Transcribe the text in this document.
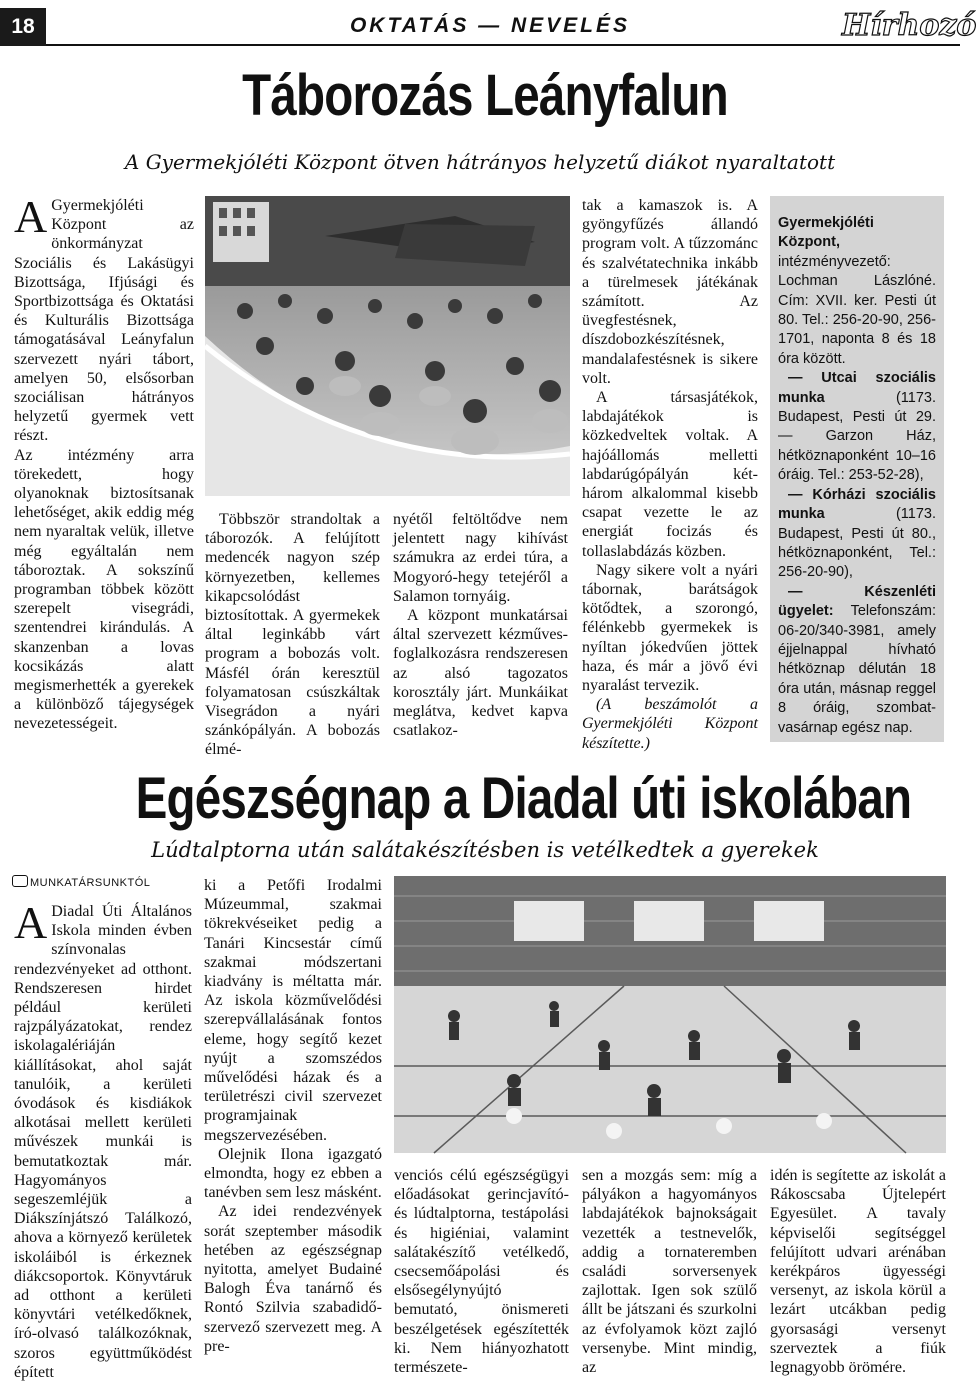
18	OKTATÁS — NEVELÉS	Hírhozó
Táborozás Leányfalun
A Gyermekjóléti Központ ötven hátrányos helyzetű diákot nyaraltatott

A Gyermekjóléti Központ az önkormányzat Szociális és Lakásügyi Bizottsága, Ifjúsági és Sportbizottsága és Oktatási és Kulturális Bizottsága támogatásával Leányfalun szervezett nyári tábort, amelyen 50, elsősorban szociálisan hátrányos helyzetű gyermek vett részt.

Az intézmény arra törekedett, hogy olyanoknak biztosítsanak lehetőséget, akik eddig még nem nyaraltak velük, illetve még egyáltalán nem táboroztak. A sokszínű programban többek között szerepelt visegrádi, szentendrei kirándulás. A skanzenban a lovas kocsikázás alatt megismerhették a gyerekek a különböző tájegységek nevezetességeit.

Többször strandoltak a táborozók. A felújított medencék nagyon szép környezetben, kellemes kikapcsolódást biztosítottak. A gyermekek által leginkább várt program a bobozás volt. Másfél órán keresztül folyamatosan csúszkáltak Visegrádon a nyári szánkópályán. A bobozás élmé-

nyétől feltöltődve nem jelentett nagy kihívást számukra az erdei túra, a Mogyoró-hegy tetejéről a Salamon tornyáig.

A központ munkatársai által szervezett kézműves-foglalkozásra rendszeresen az alsó tagozatos korosztály járt. Munkáikat meglátva, kedvet kapva csatlakoz-

tak a kamaszok is. A gyöngyfűzés állandó program volt. A tűzzománc és szalvétatechnika inkább a türelmesek játékának számított. Az üvegfestésnek, díszdobozkészítésnek, mandalafestésnek is sikere volt.

A társasjátékok, labdajátékok is közkedveltek voltak. A hajóállomás melletti labdarúgópályán két-három alkalommal kisebb csapat vezette le az energiát focizás és tollaslabdázás közben.

Nagy sikere volt a nyári tábornak, barátságok kötődtek, a szorongó, félénkebb gyermekek is nyíltan jókedvűen jöttek haza, és már a jövő évi nyaralást tervezik.

(A beszámolót a Gyermekjóléti Központ készítette.)

Gyermekjóléti Központ, intézményvezető: Lochman Lászlóné. Cím: XVII. ker. Pesti út 80. Tel.: 256-20-90, 256-1701, naponta 8 és 18 óra között.
— Utcai szociális munka (1173. Budapest, Pesti út 29. — Garzon Ház, hétköznaponként 10–16 óráig. Tel.: 253-52-28),
— Kórházi szociális munka (1173. Budapest, Pesti út 80., hétköznaponként, Tel.: 256-20-90),
— Készenléti ügyelet: Telefonszám: 06-20/340-3981, amely éjjelnappal hívható hétköznap délután 18 óra után, másnap reggel 8 óráig, szombat-vasárnap egész nap.
Egészségnap a Diadal úti iskolában
Lúdtalptorna után salátakészítésben is vetélkedtek a gyerekek
MUNKATÁRSUNKTÓL

A Diadal Úti Általános Iskola minden évben színvonalas rendezvényeket ad otthont. Rendszeresen hirdet például kerületi rajzpályázatokat, rendez iskolagalériáján kiállításokat, ahol saját tanulóik, a kerületi óvodások és kisdiákok alkotásai mellett kerületi művészek munkái is bemutatkoztak már. Hagyományos segeszemléjük a Diákszínjátszó Találkozó, ahova a környező kerületek iskoláiból is érkeznek diákcsoportok. Könyvtáruk ad otthont a kerületi könyvtári vetélkedőknek, író-olvasó találkozóknak, szoros együttműködést épített

ki a Petőfi Irodalmi Múzeummal, szakmai tökrekvéseiket pedig a Tanári Kincsestár című szakmai módszertani kiadvány is méltatta már. Az iskola közművelődési szerepvállalásának fontos eleme, hogy segítő kezet nyújt a szomszédos művelődési házak és a területrészi civil szervezet programjainak megszervezésében.

Olejnik Ilona igazgató elmondta, hogy ez ebben a tanévben sem lesz másként.

Az idei rendezvények sorát szeptember második hetében az egészségnap nyitotta, amelyet Budainé Balogh Éva tanárnő és Rontó Szilvia szabadidő-szervező szervezett meg. A pre-

venciós célú egészségügyi előadásokat gerincjavító- és lúdtalptorna, testápolási és higiéniai, valamint salátakészítő vetélkedő, csecsemőápolási és elsősegélynyújtó bemutató, önismereti beszélgetések egészítették ki. Nem hiányozhatott természete-

sen a mozgás sem: míg a pályákon a hagyományos labdajátékok bajnokságait vezették a testnevelők, addig a tornateremben családi sorversenyek zajlottak. Igen sok szülő állt be játszani és szurkolni az évfolyamok közt zajló versenybe. Mint mindig, az

idén is segítette az iskolát a Rákoscsaba Újtelepért Egyesület. A tavaly képviselői segítséggel felújított udvari arénában kerékpáros ügyességi versenyt, az iskola körül a lezárt utcákban pedig gyorsasági versenyt szerveztek a fiúk legnagyobb örömére.
